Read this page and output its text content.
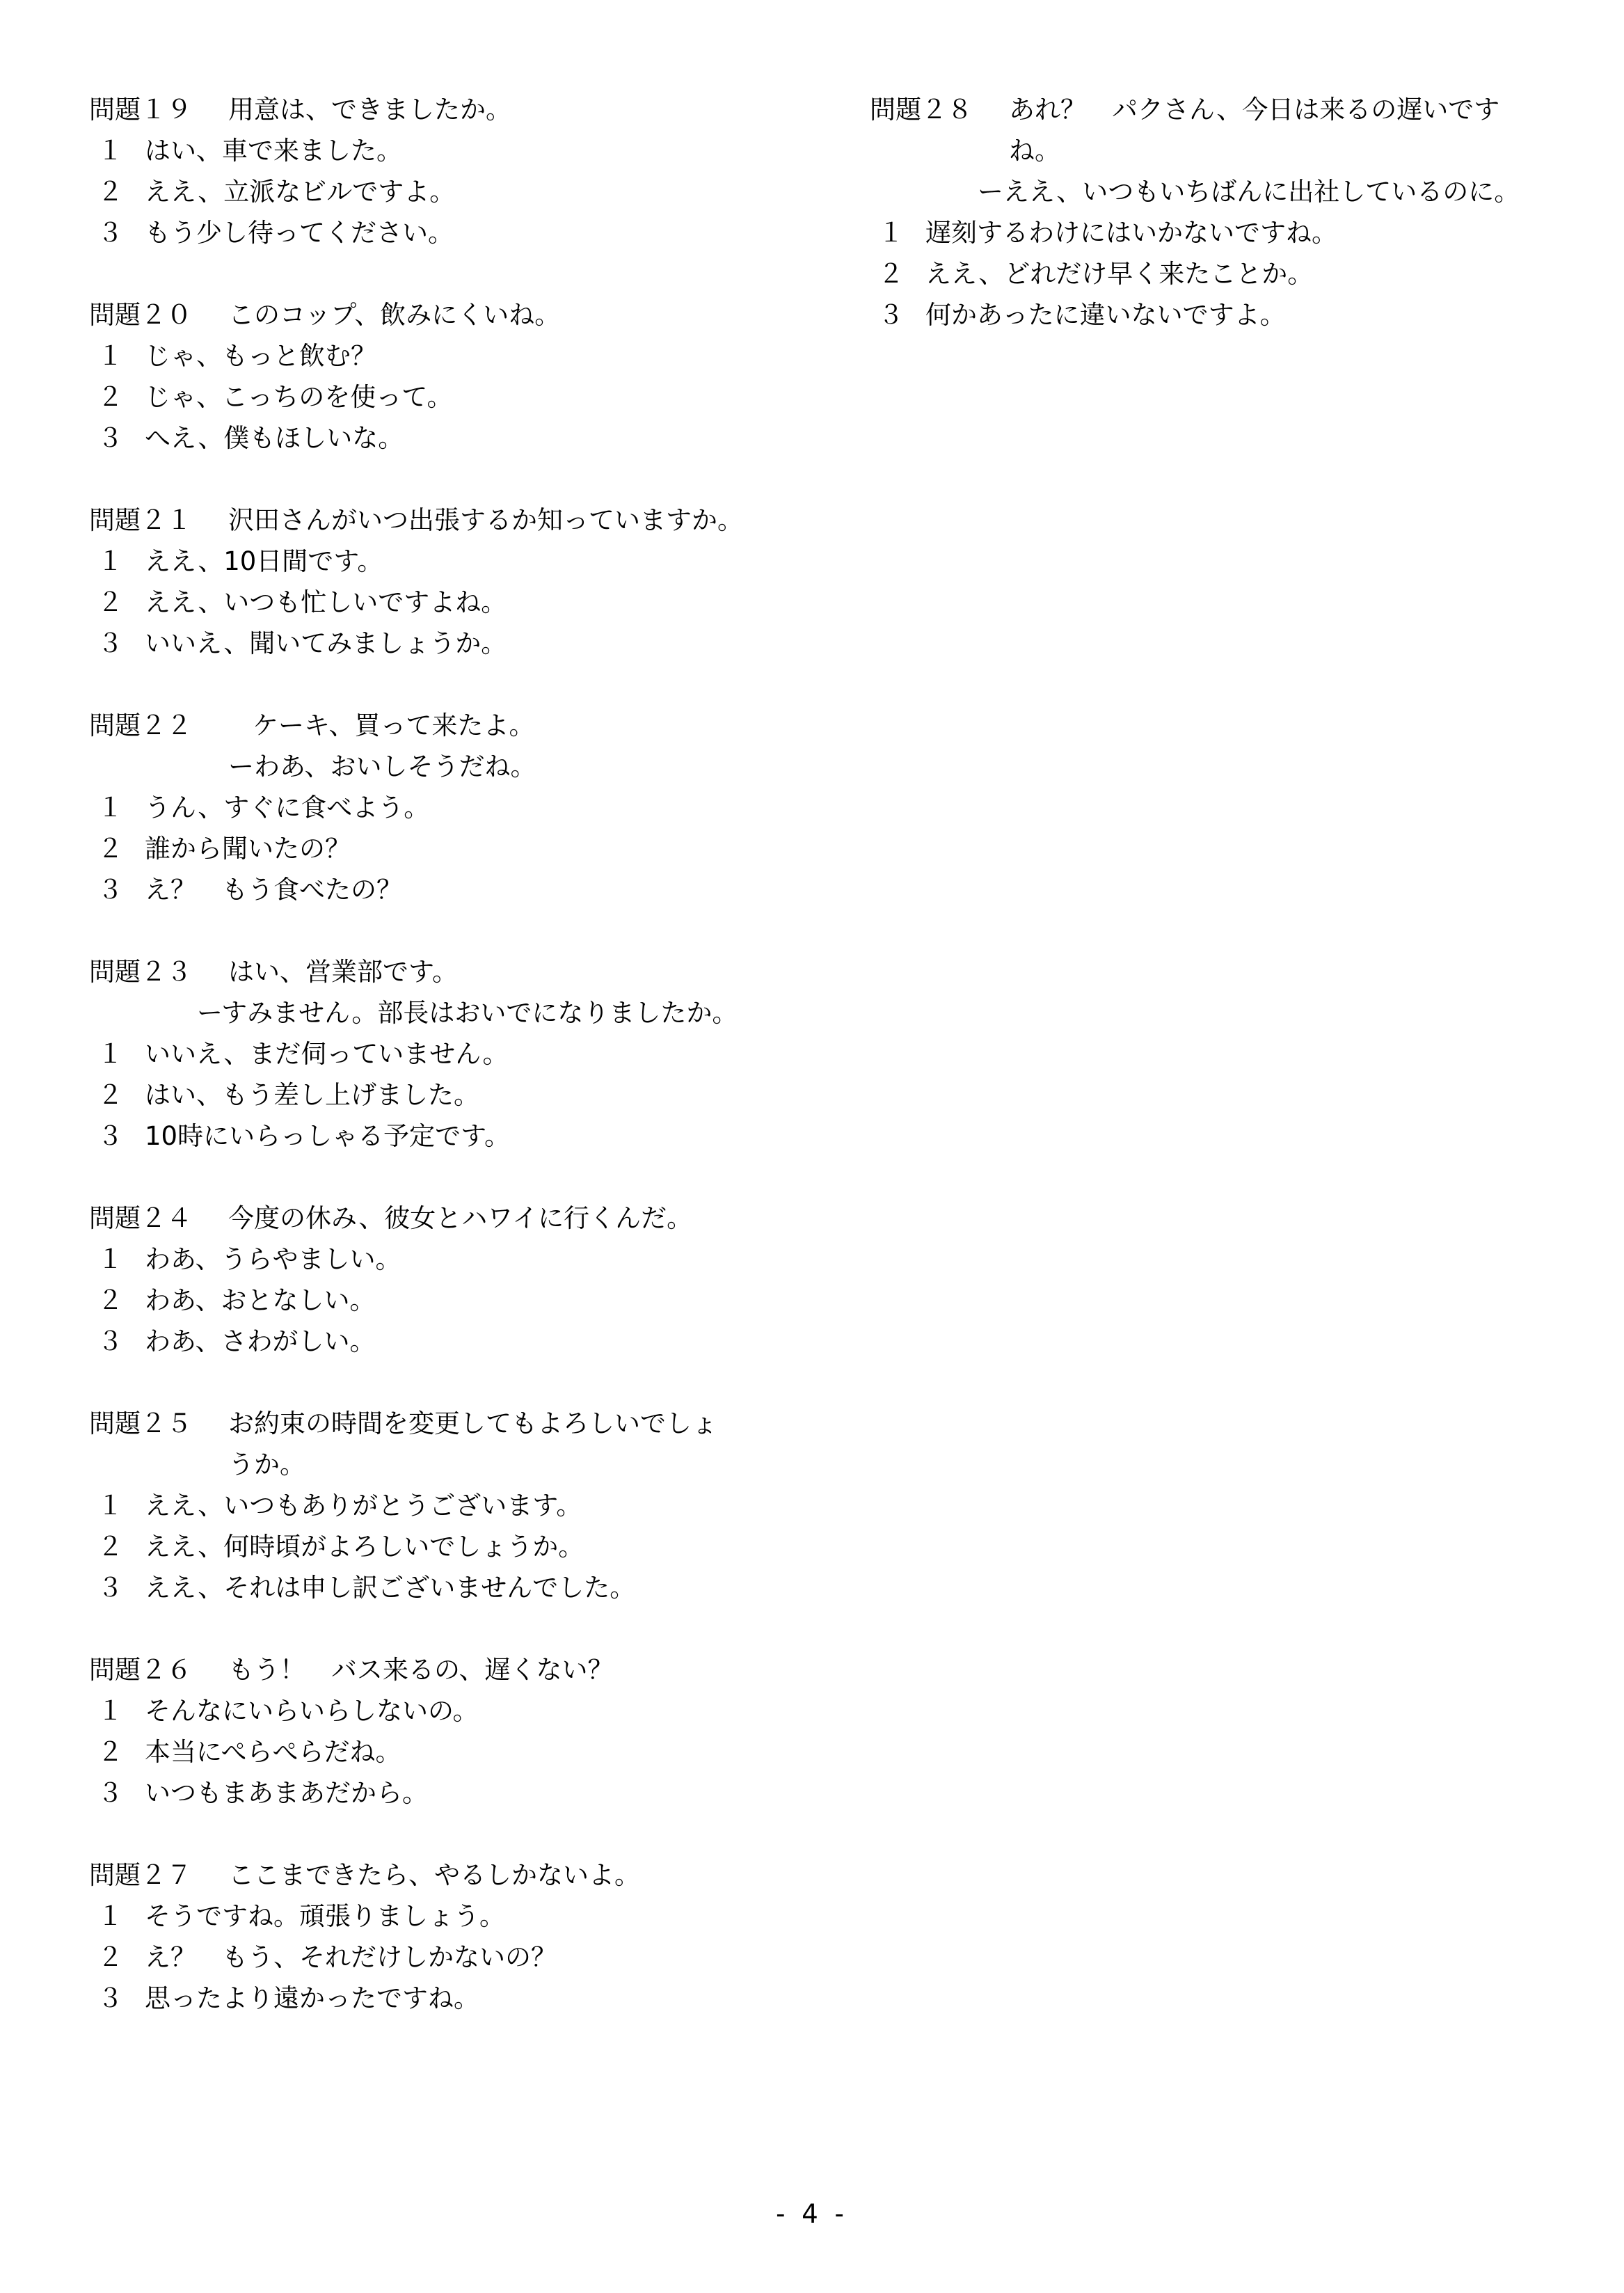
問題１９ 用意は、できましたか。
１ はい、車で来ました。
２ ええ、立派なビルですよ。
３ もう少し待ってください。
問題２０ このコップ、飲みにくいね。
１ じゃ、もっと飲む？
２ じゃ、こっちのを使って。
３ へえ、僕もほしいな。
問題２１ 沢田さんがいつ出張するか知っていますか。
１ ええ、10日間です。
２ ええ、いつも忙しいですよね。
３ いいえ、聞いてみましょうか。
問題２２ ケーキ、買って来たよ。
ーわあ、おいしそうだね。
１ うん、すぐに食べよう。
２ 誰から聞いたの？
３ え？　もう食べたの？
問題２３ はい、営業部です。
ーすみません。部長はおいでになりましたか。
１ いいえ、まだ伺っていません。
２ はい、もう差し上げました。
３ 10時にいらっしゃる予定です。
問題２４ 今度の休み、彼女とハワイに行くんだ。
１ わあ、うらやましい。
２ わあ、おとなしい。
３ わあ、さわがしい。
問題２５ お約束の時間を変更してもよろしいでしょ
うか。
１ ええ、いつもありがとうございます。
２ ええ、何時頃がよろしいでしょうか。
３ ええ、それは申し訳ございませんでした。
問題２６ もう！　バス来るの、遅くない？
１ そんなにいらいらしないの。
２ 本当にぺらぺらだね。
３ いつもまあまあだから。
問題２７ ここまできたら、やるしかないよ。
１ そうですね。頑張りましょう。
２ え？　もう、それだけしかないの？
３ 思ったより遠かったですね。
問題２８ あれ？　パクさん、今日は来るの遅いです
ね。
ーええ、いつもいちばんに出社しているのに。
１ 遅刻するわけにはいかないですね。
２ ええ、どれだけ早く来たことか。
３ 何かあったに違いないですよ。
- 4 -
